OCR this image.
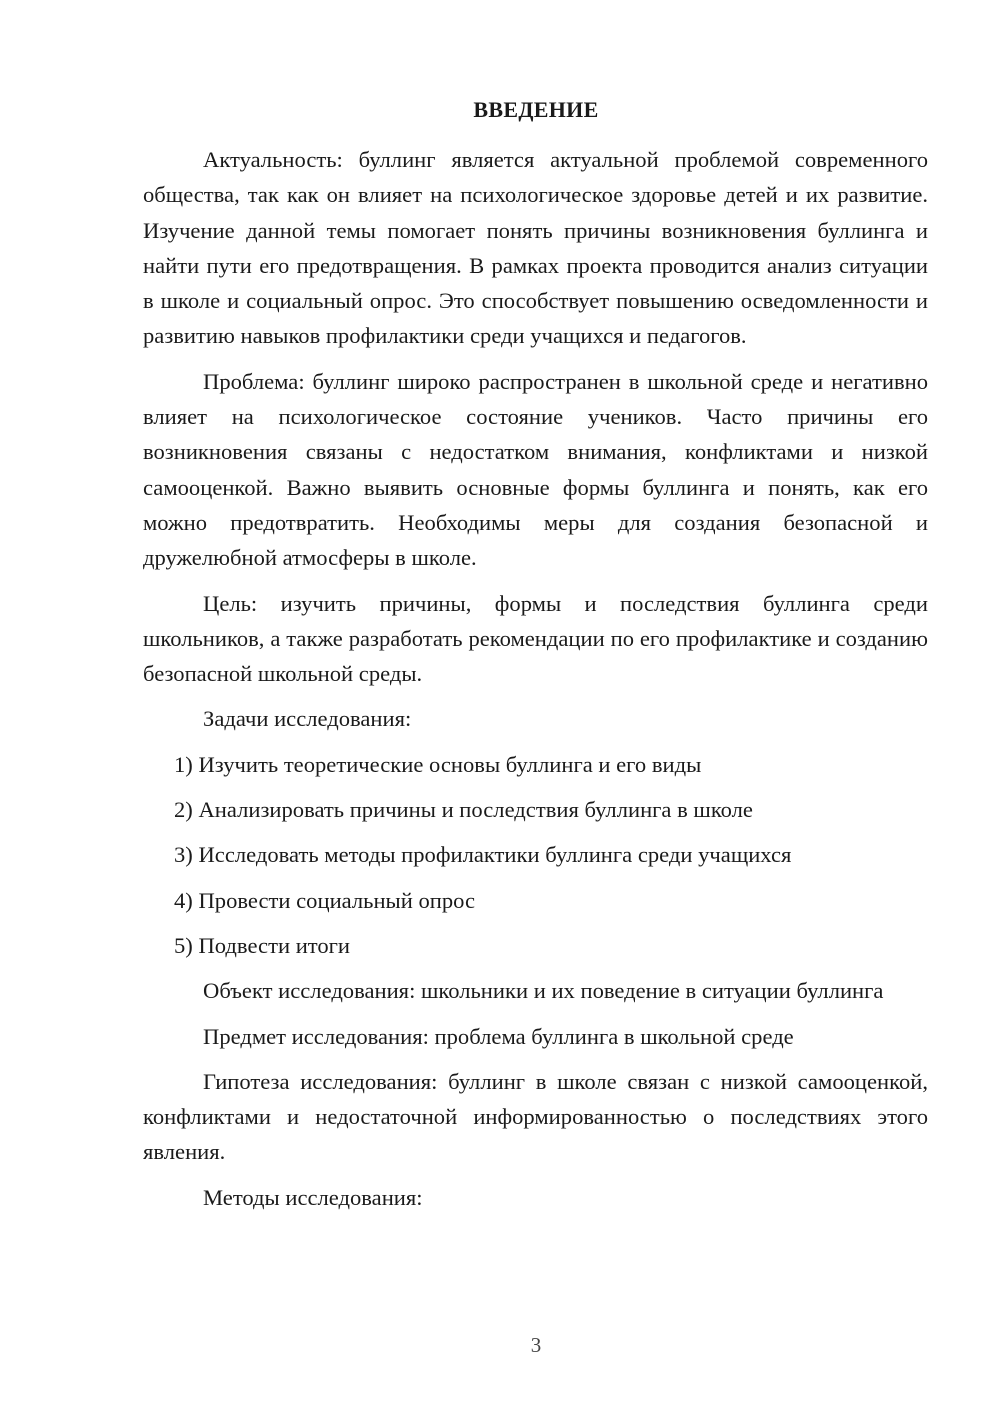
ВВЕДЕНИЕ

Актуальность: буллинг является актуальной проблемой современного общества, так как он влияет на психологическое здоровье детей и их развитие. Изучение данной темы помогает понять причины возникновения буллинга и найти пути его предотвращения. В рамках проекта проводится анализ ситуации в школе и социальный опрос. Это способствует повышению осведомленности и развитию навыков профилактики среди учащихся и педагогов.

Проблема: буллинг широко распространен в школьной среде и негативно влияет на психологическое состояние учеников. Часто причины его возникновения связаны с недостатком внимания, конфликтами и низкой самооценкой. Важно выявить основные формы буллинга и понять, как его можно предотвратить. Необходимы меры для создания безопасной и дружелюбной атмосферы в школе.

Цель: изучить причины, формы и последствия буллинга среди школьников, а также разработать рекомендации по его профилактике и созданию безопасной школьной среды.

Задачи исследования:

1) Изучить теоретические основы буллинга и его виды

2) Анализировать причины и последствия буллинга в школе

3) Исследовать методы профилактики буллинга среди учащихся

4) Провести социальный опрос

5) Подвести итоги

Объект исследования: школьники и их поведение в ситуации буллинга

Предмет исследования: проблема буллинга в школьной среде

Гипотеза исследования: буллинг в школе связан с низкой самооценкой, конфликтами и недостаточной информированностью о последствиях этого явления.

Методы исследования:

3
